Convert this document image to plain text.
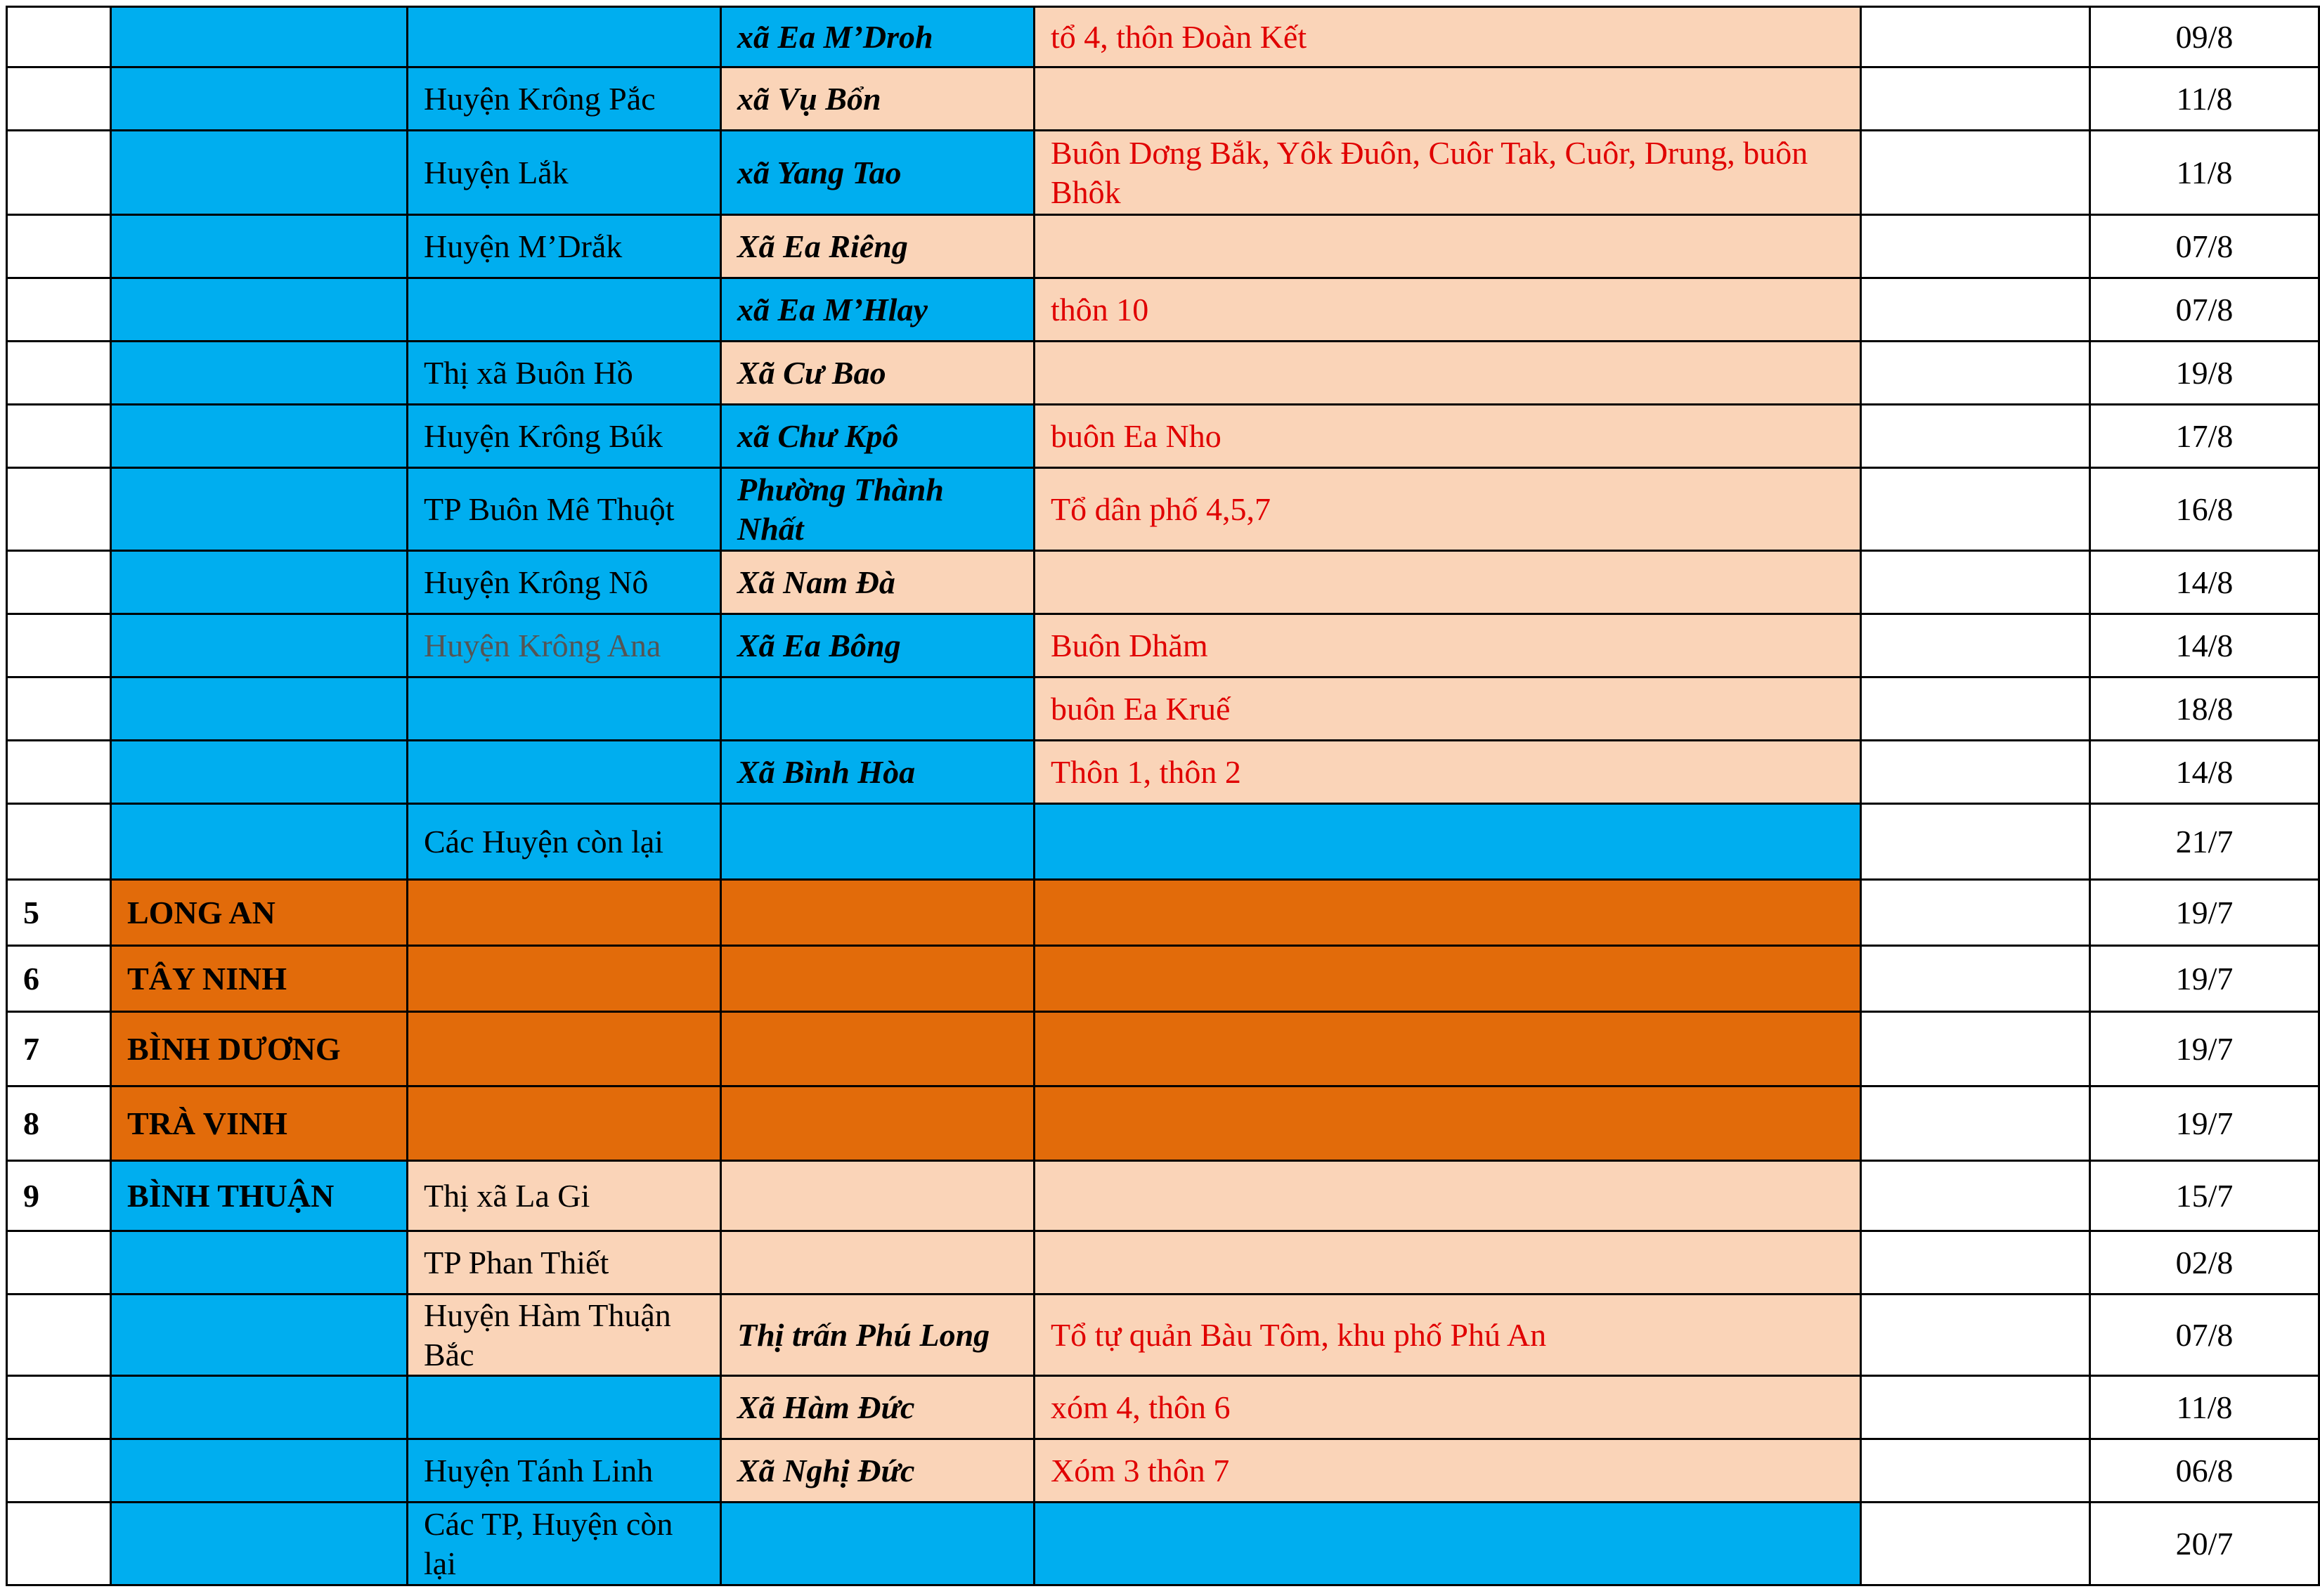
			xã Ea M’Droh	tổ 4, thôn Đoàn Kết		09/8
		Huyện Krông Pắc	xã Vụ Bổn			11/8
		Huyện Lắk	xã Yang Tao	Buôn Dơng Bắk, Yôk Đuôn, Cuôr Tak, Cuôr, Drung, buôn Bhôk		11/8
		Huyện M’Drắk	Xã Ea Riêng			07/8
			xã Ea M’Hlay	thôn 10		07/8
		Thị xã Buôn Hồ	Xã Cư Bao			19/8
		Huyện Krông Búk	xã Chư Kpô	buôn Ea Nho		17/8
		TP Buôn Mê Thuột	Phường Thành Nhất	Tổ dân phố 4,5,7		16/8
		Huyện Krông Nô	Xã Nam Đà			14/8
		Huyện Krông Ana	Xã Ea Bông	Buôn Dhăm		14/8
				buôn Ea Kruế		18/8
			Xã Bình Hòa	Thôn 1, thôn 2		14/8
		Các Huyện còn lại				21/7
5	LONG AN					19/7
6	TÂY NINH					19/7
7	BÌNH DƯƠNG					19/7
8	TRÀ VINH					19/7
9	BÌNH THUẬN	Thị xã La Gi				15/7
		TP Phan Thiết				02/8
		Huyện Hàm Thuận Bắc	Thị trấn Phú Long	Tổ tự quản Bàu Tôm, khu phố Phú An		07/8
			Xã Hàm Đức	xóm 4, thôn 6		11/8
		Huyện Tánh Linh	Xã Nghị Đức	Xóm 3 thôn 7		06/8
		Các TP, Huyện còn lại				20/7
